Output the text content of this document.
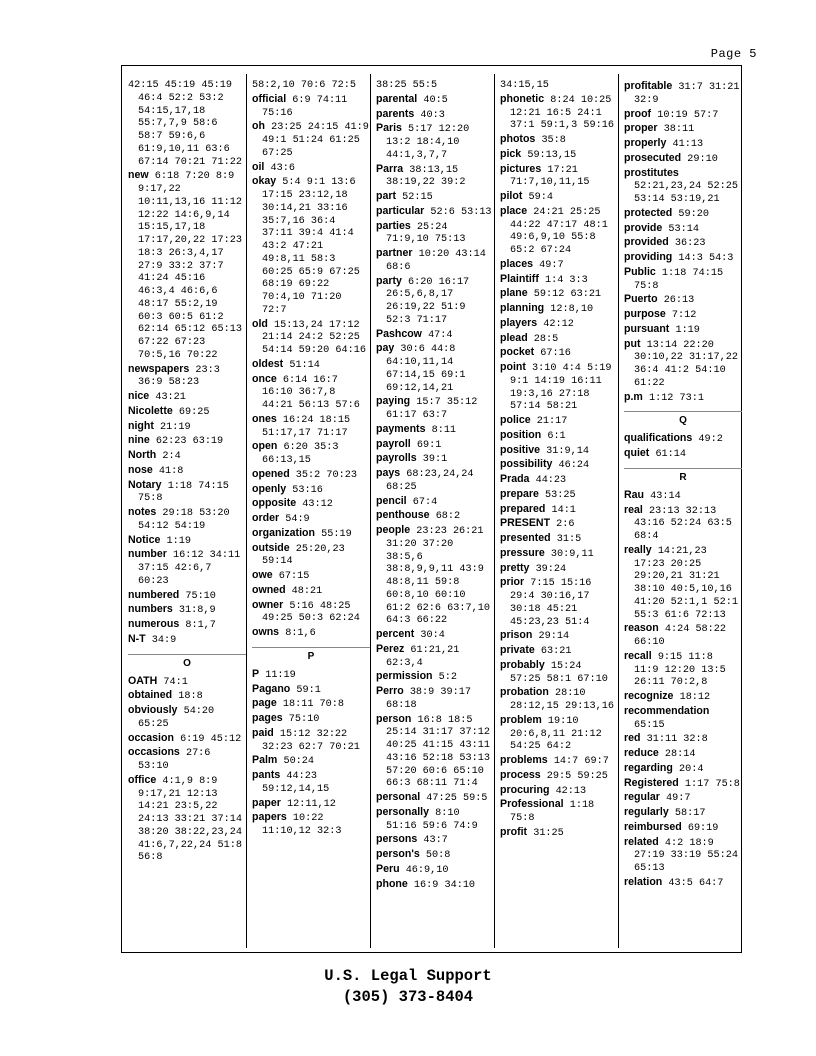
Page 5

42:15 45:19 45:19 46:4 52:2 53:2 54:15,17,18 55:7,7,9 58:6 58:7 59:6,6 61:9,10,11 63:6 67:14 70:21 71:22

new 6:18 7:20 8:9 9:17,22 10:11,13,16 11:12 12:22 14:6,9,14 15:15,17,18 17:17,20,22 17:23 18:3 26:3,4,17 27:9 33:2 37:7 41:24 45:16 46:3,4 46:6,6 48:17 55:2,19 60:3 60:5 61:2 62:14 65:12 65:13 67:22 67:23 70:5,16 70:22

newspapers 23:3 36:9 58:23

nice 43:21

Nicolette 69:25

night 21:19

nine 62:23 63:19

North 2:4

nose 41:8

Notary 1:18 74:15 75:8

notes 29:18 53:20 54:12 54:19

Notice 1:19

number 16:12 34:11 37:15 42:6,7 60:23

numbered 75:10

numbers 31:8,9

numerous 8:1,7

N-T 34:9

O

OATH 74:1

obtained 18:8

obviously 54:20 65:25

occasion 6:19 45:12

occasions 27:6 53:10

office 4:1,9 8:9 9:17,21 12:13 14:21 23:5,22 24:13 33:21 37:14 38:20 38:22,23,24 41:6,7,22,24 51:8 56:8

58:2,10 70:6 72:5

official 6:9 74:11 75:16

oh 23:25 24:15 41:9 49:1 51:24 61:25 67:25

oil 43:6

okay 5:4 9:1 13:6 17:15 23:12,18 30:14,21 33:16 35:7,16 36:4 37:11 39:4 41:4 43:2 47:21 49:8,11 58:3 60:25 65:9 67:25 68:19 69:22 70:4,10 71:20 72:7

old 15:13,24 17:12 21:14 24:2 52:25 54:14 59:20 64:16

oldest 51:14

once 6:14 16:7 16:10 36:7,8 44:21 56:13 57:6

ones 16:24 18:15 51:17,17 71:17

open 6:20 35:3 66:13,15

opened 35:2 70:23

openly 53:16

opposite 43:12

order 54:9

organization 55:19

outside 25:20,23 59:14

owe 67:15

owned 48:21

owner 5:16 48:25 49:25 50:3 62:24

owns 8:1,6

P

P 11:19

Pagano 59:1

page 18:11 70:8

pages 75:10

paid 15:12 32:22 32:23 62:7 70:21

Palm 50:24

pants 44:23 59:12,14,15

paper 12:11,12

papers 10:22 11:10,12 32:3

38:25 55:5

parental 40:5

parents 40:3

Paris 5:17 12:20 13:2 18:4,10 44:1,3,7,7

Parra 38:13,15 38:19,22 39:2

part 52:15

particular 52:6 53:13

parties 25:24 71:9,10 75:13

partner 10:20 43:14 68:6

party 6:20 16:17 26:5,6,8,17 26:19,22 51:9 52:3 71:17

Pashcow 47:4

pay 30:6 44:8 64:10,11,14 67:14,15 69:1 69:12,14,21

paying 15:7 35:12 61:17 63:7

payments 8:11

payroll 69:1

payrolls 39:1

pays 68:23,24,24 68:25

pencil 67:4

penthouse 68:2

people 23:23 26:21 31:20 37:20 38:5,6 38:8,9,9,11 43:9 48:8,11 59:8 60:8,10 60:10 61:2 62:6 63:7,10 64:3 66:22

percent 30:4

Perez 61:21,21 62:3,4

permission 5:2

Perro 38:9 39:17 68:18

person 16:8 18:5 25:14 31:17 37:12 40:25 41:15 43:11 43:16 52:18 53:13 57:20 60:6 65:10 66:3 68:11 71:4

personal 47:25 59:5

personally 8:10 51:16 59:6 74:9

persons 43:7

person's 50:8

Peru 46:9,10

phone 16:9 34:10

34:15,15

phonetic 8:24 10:25 12:21 16:5 24:1 37:1 59:1,3 59:16

photos 35:8

pick 59:13,15

pictures 17:21 71:7,10,11,15

pilot 59:4

place 24:21 25:25 44:22 47:17 48:1 49:6,9,10 55:8 65:2 67:24

places 49:7

Plaintiff 1:4 3:3

plane 59:12 63:21

planning 12:8,10

players 42:12

plead 28:5

pocket 67:16

point 3:10 4:4 5:19 9:1 14:19 16:11 19:3,16 27:18 57:14 58:21

police 21:17

position 6:1

positive 31:9,14

possibility 46:24

Prada 44:23

prepare 53:25

prepared 14:1

PRESENT 2:6

presented 31:5

pressure 30:9,11

pretty 39:24

prior 7:15 15:16 29:4 30:16,17 30:18 45:21 45:23,23 51:4

prison 29:14

private 63:21

probably 15:24 57:25 58:1 67:10

probation 28:10 28:12,15 29:13,16

problem 19:10 20:6,8,11 21:12 54:25 64:2

problems 14:7 69:7

process 29:5 59:25

procuring 42:13

Professional 1:18 75:8

profit 31:25

profitable 31:7 31:21 32:9

proof 10:19 57:7

proper 38:11

properly 41:13

prosecuted 29:10

prostitutes 52:21,23,24 52:25 53:14 53:19,21

protected 59:20

provide 53:14

provided 36:23

providing 14:3 54:3

Public 1:18 74:15 75:8

Puerto 26:13

purpose 7:12

pursuant 1:19

put 13:14 22:20 30:10,22 31:17,22 36:4 41:2 54:10 61:22

p.m 1:12 73:1

Q

qualifications 49:2

quiet 61:14

R

Rau 43:14

real 23:13 32:13 43:16 52:24 63:5 68:4

really 14:21,23 17:23 20:25 29:20,21 31:21 38:10 40:5,10,16 41:20 52:1,1 52:1 55:3 61:6 72:13

reason 4:24 58:22 66:10

recall 9:15 11:8 11:9 12:20 13:5 26:11 70:2,8

recognize 18:12

recommendation 65:15

red 31:11 32:8

reduce 28:14

regarding 20:4

Registered 1:17 75:8

regular 49:7

regularly 58:17

reimbursed 69:19

related 4:2 18:9 27:19 33:19 55:24 65:13

relation 43:5 64:7

U.S. Legal Support
(305) 373-8404
